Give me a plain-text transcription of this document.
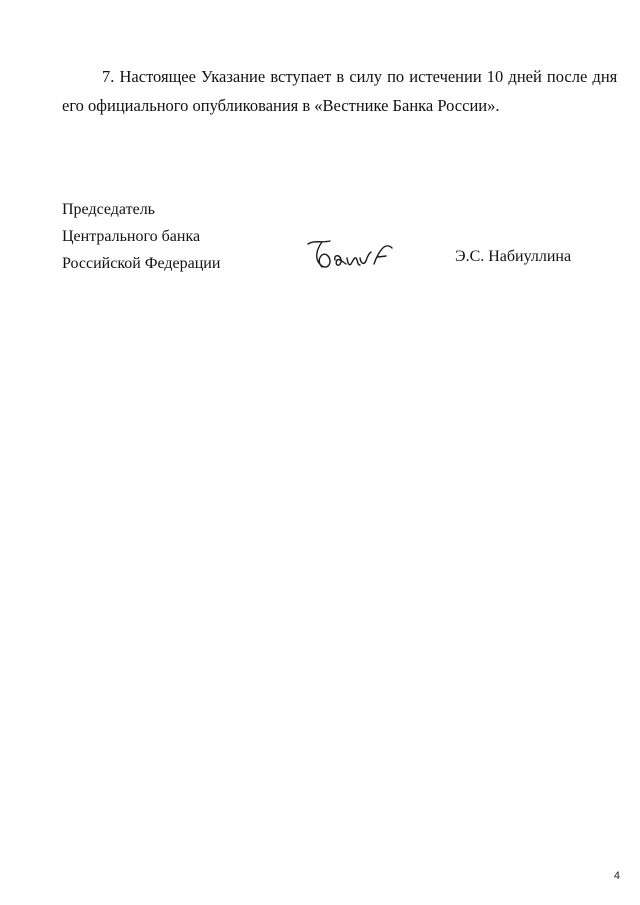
7. Настоящее Указание вступает в силу по истечении 10 дней после дня
его официального опубликования в «Вестнике Банка России».

Председатель
Центрального банка
Российской Федерации	Э.С. Набиуллина
4
